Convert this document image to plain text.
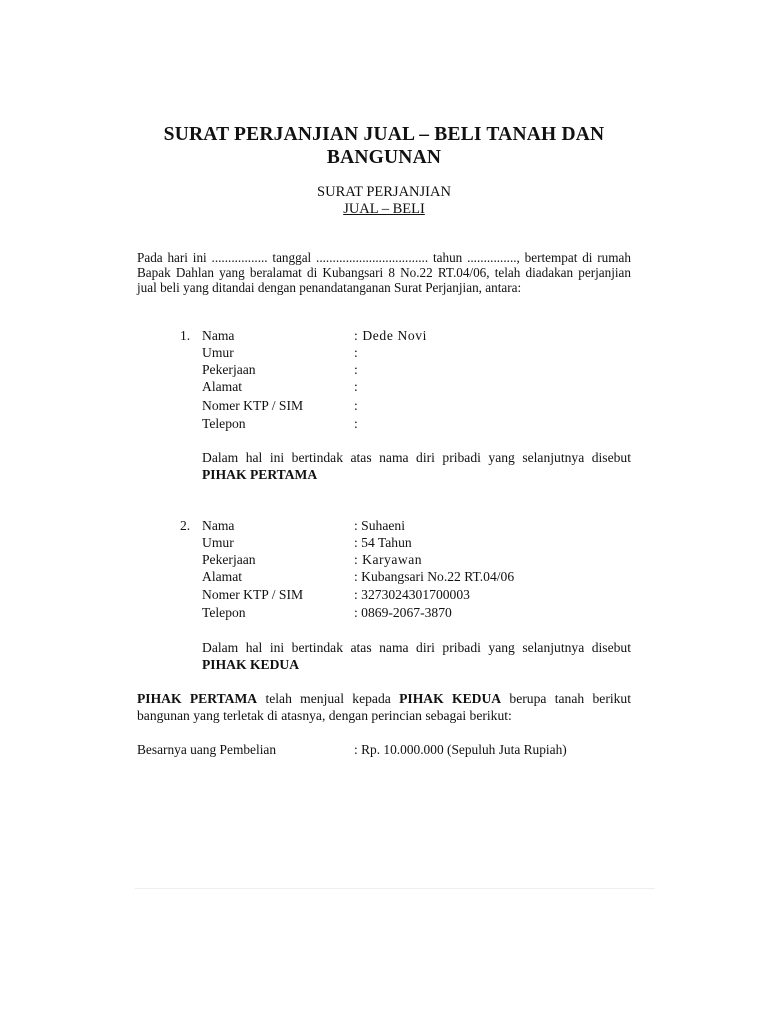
SURAT PERJANJIAN JUAL – BELI TANAH DAN BANGUNAN
SURAT PERJANJIAN
JUAL – BELI
Pada hari ini ................. tanggal .................................. tahun ..............., bertempat di rumah Bapak Dahlan yang beralamat di Kubangsari 8 No.22 RT.04/06, telah diadakan perjanjian jual beli yang ditandai dengan penandatanganan Surat Perjanjian, antara:
1. Nama	: Dede Novi
Umur	:
Pekerjaan	:
Alamat	:
Nomer KTP / SIM	:
Telepon	:
Dalam hal ini bertindak atas nama diri pribadi yang selanjutnya disebut PIHAK PERTAMA
2. Nama	: Suhaeni
Umur	: 54 Tahun
Pekerjaan	: Karyawan
Alamat	: Kubangsari No.22 RT.04/06
Nomer KTP / SIM	: 3273024301700003
Telepon	: 0869-2067-3870
Dalam hal ini bertindak atas nama diri pribadi yang selanjutnya disebut PIHAK KEDUA
PIHAK PERTAMA telah menjual kepada PIHAK KEDUA berupa tanah berikut bangunan yang terletak di atasnya, dengan perincian sebagai berikut:
Besarnya uang Pembelian	: Rp. 10.000.000 (Sepuluh Juta Rupiah)
